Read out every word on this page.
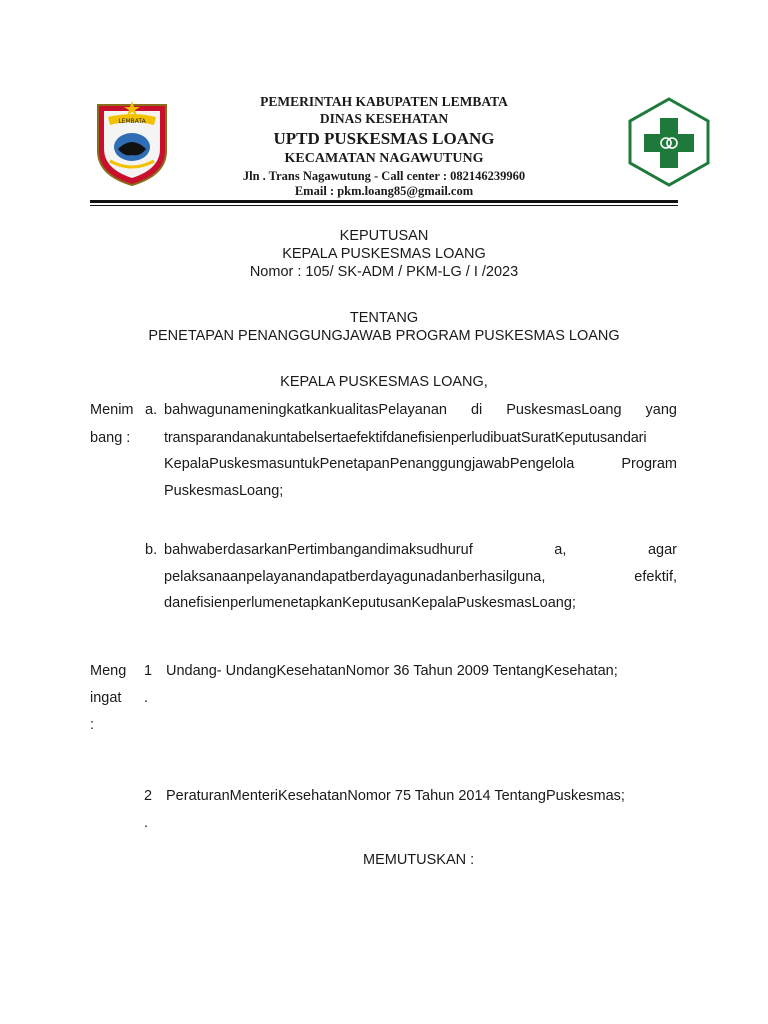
LEMBATA
PEMERINTAH KABUPATEN LEMBATA
DINAS KESEHATAN
UPTD PUSKESMAS LOANG
KECAMATAN NAGAWUTUNG
Jln . Trans Nagawutung - Call center : 082146239960
Email : pkm.loang85@gmail.com
KEPUTUSAN
KEPALA PUSKESMAS LOANG
Nomor : 105/ SK-ADM / PKM-LG / I /2023
TENTANG
PENETAPAN PENANGGUNGJAWAB PROGRAM PUSKESMAS LOANG
KEPALA PUSKESMAS LOANG,
Menim
bang :
a. bahwagunameningkatkankualitasPelayanan di PuskesmasLoang yang
transparandanakuntabelsertaefektifdanefisienperludibuatSuratKeputusandari
KepalaPuskesmasuntukPenetapanPenanggungjawabPengelola	Program
PuskesmasLoang;
b. bahwaberdasarkanPertimbangandimaksudhuruf	a,	agar
pelaksanaanpelayanandapatberdayagunadanberhasilguna,	efektif,
danefisienperlumenetapkanKeputusanKepalaPuskesmasLoang;
Meng
ingat
:
1
.
Undang- UndangKesehatanNomor 36 Tahun 2009 TentangKesehatan;
2
.
PeraturanMenteriKesehatanNomor 75 Tahun 2014 TentangPuskesmas;
MEMUTUSKAN :
